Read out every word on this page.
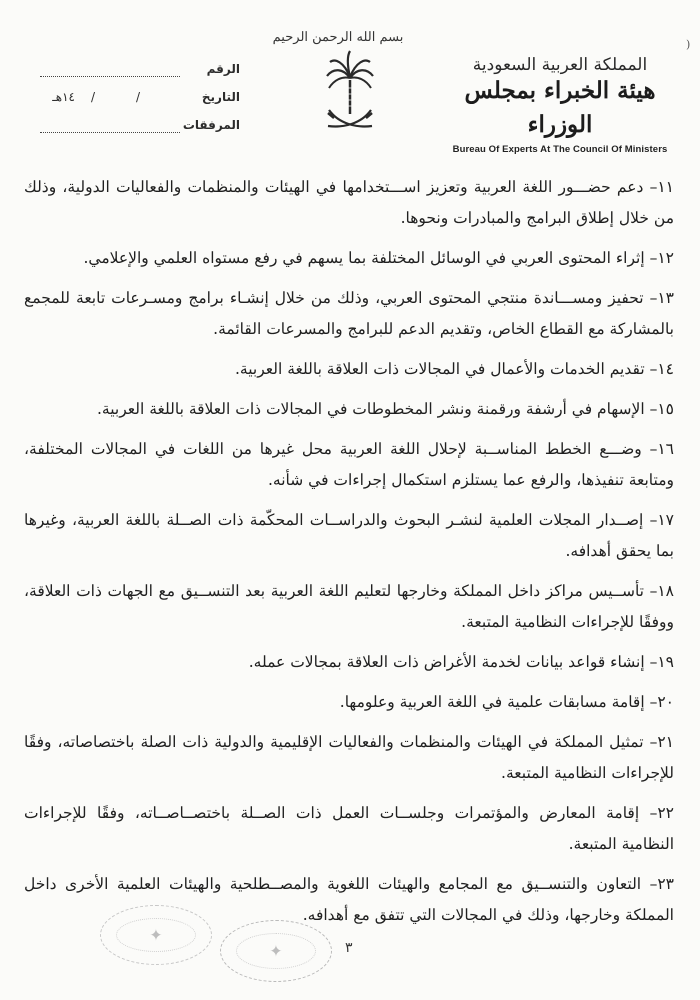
بسم الله الرحمن الرحيم
المملكة العربية السعودية
هيئة الخبراء بمجلس الوزراء
Bureau Of Experts At The Council Of Ministers
الرقم
التاريخ
/
/
١٤هـ
المرفقات
)

١١– دعم حضـــور اللغة العربية وتعزيز اســـتخدامها في الهيئات والمنظمات والفعاليات الدولية، وذلك من خلال إطلاق البرامج والمبادرات ونحوها.

١٢– إثراء المحتوى العربي في الوسائل المختلفة بما يسهم في رفع مستواه العلمي والإعلامي.

١٣– تحفيز ومســـاندة منتجي المحتوى العربي، وذلك من خلال إنشـاء برامج ومسـرعات تابعة للمجمع بالمشاركة مع القطاع الخاص، وتقديم الدعم للبرامج والمسرعات القائمة.

١٤– تقديم الخدمات والأعمال في المجالات ذات العلاقة باللغة العربية.

١٥– الإسهام في أرشفة ورقمنة ونشر المخطوطات في المجالات ذات العلاقة باللغة العربية.

١٦– وضـــع الخطط المناســبة لإحلال اللغة العربية محل غيرها من اللغات في المجالات المختلفة، ومتابعة تنفيذها، والرفع عما يستلزم استكمال إجراءات في شأنه.

١٧– إصــدار المجلات العلمية لنشـر البحوث والدراســات المحكّمة ذات الصــلة باللغة العربية، وغيرها بما يحقق أهدافه.

١٨– تأســيس مراكز داخل المملكة وخارجها لتعليم اللغة العربية بعد التنســيق مع الجهات ذات العلاقة، ووفقًا للإجراءات النظامية المتبعة.

١٩– إنشاء قواعد بيانات لخدمة الأغراض ذات العلاقة بمجالات عمله.

٢٠– إقامة مسابقات علمية في اللغة العربية وعلومها.

٢١– تمثيل المملكة في الهيئات والمنظمات والفعاليات الإقليمية والدولية ذات الصلة باختصاصاته، وفقًا للإجراءات النظامية المتبعة.

٢٢– إقامة المعارض والمؤتمرات وجلســات العمل ذات الصــلة باختصــاصــاته، وفقًا للإجراءات النظامية المتبعة.

٢٣– التعاون والتنســيق مع المجامع والهيئات اللغوية والمصــطلحية والهيئات العلمية الأخرى داخل المملكة وخارجها، وذلك في المجالات التي تتفق مع أهدافه.

✦
✦	٣
